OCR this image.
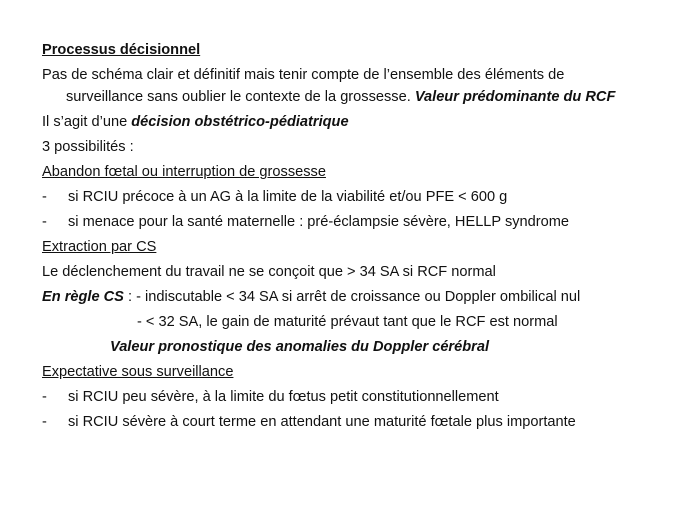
Processus décisionnel
Pas de schéma clair et définitif mais tenir compte de l’ensemble des éléments de
surveillance sans oublier le contexte de la grossesse. Valeur prédominante du RCF
Il s’agit d’une décision obstétrico-pédiatrique
3 possibilités :
Abandon fœtal ou interruption de grossesse
- si RCIU précoce à un AG à la limite de la viabilité et/ou PFE < 600 g
- si menace pour la santé maternelle : pré-éclampsie sévère, HELLP syndrome
Extraction par CS
Le déclenchement du travail ne se conçoit que > 34 SA si RCF normal
En règle CS : - indiscutable < 34 SA si arrêt de croissance ou Doppler ombilical nul
- < 32 SA, le gain de maturité prévaut tant que le RCF est normal
Valeur pronostique des anomalies du Doppler cérébral
Expectative sous surveillance
- si RCIU peu sévère, à la limite du fœtus petit constitutionnellement
- si RCIU sévère à court terme en attendant une maturité fœtale plus importante
